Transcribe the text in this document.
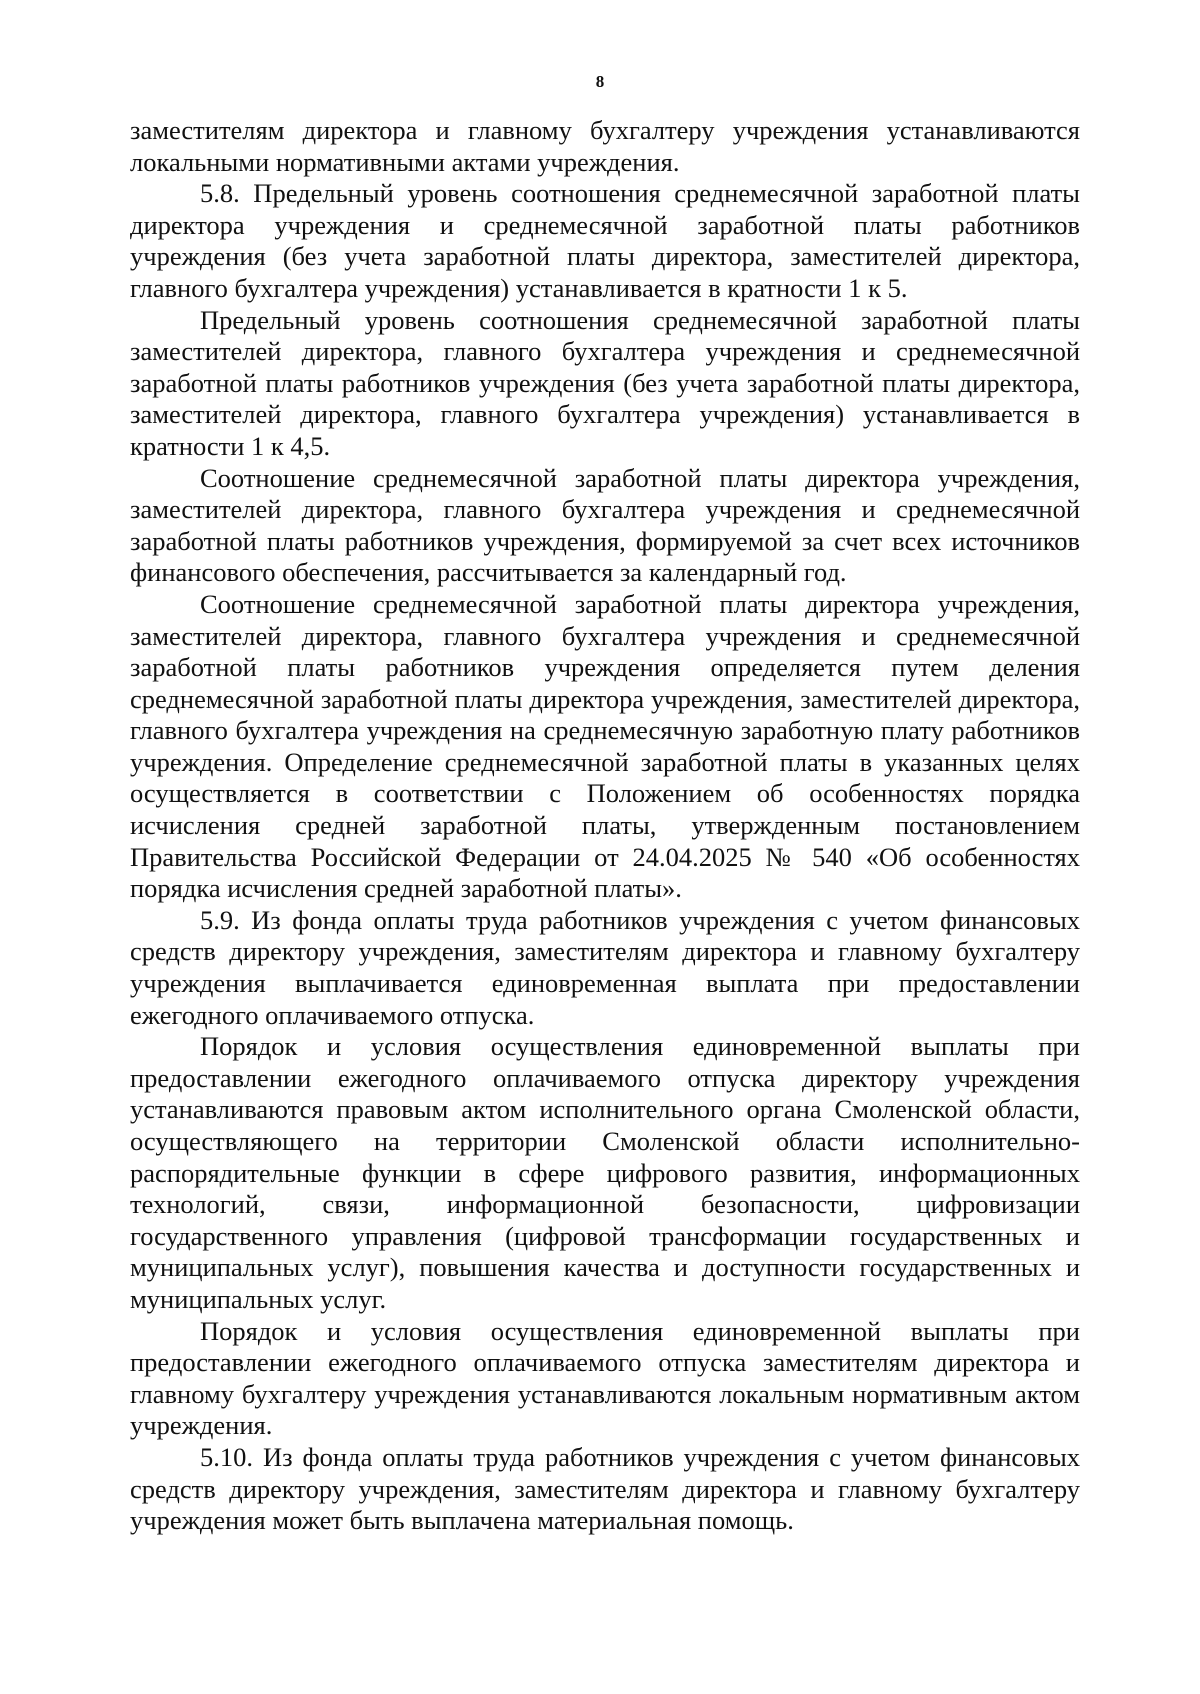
8

заместителям директора и главному бухгалтеру учреждения устанавливаются локальными нормативными актами учреждения.

5.8. Предельный уровень соотношения среднемесячной заработной платы директора учреждения и среднемесячной заработной платы работников учреждения (без учета заработной платы директора, заместителей директора, главного бухгалтера учреждения) устанавливается в кратности 1 к 5.

Предельный уровень соотношения среднемесячной заработной платы заместителей директора, главного бухгалтера учреждения и среднемесячной заработной платы работников учреждения (без учета заработной платы директора, заместителей директора, главного бухгалтера учреждения) устанавливается в кратности 1 к 4,5.

Соотношение среднемесячной заработной платы директора учреждения, заместителей директора, главного бухгалтера учреждения и среднемесячной заработной платы работников учреждения, формируемой за счет всех источников финансового обеспечения, рассчитывается за календарный год.

Соотношение среднемесячной заработной платы директора учреждения, заместителей директора, главного бухгалтера учреждения и среднемесячной заработной платы работников учреждения определяется путем деления среднемесячной заработной платы директора учреждения, заместителей директора, главного бухгалтера учреждения на среднемесячную заработную плату работников учреждения. Определение среднемесячной заработной платы в указанных целях осуществляется в соответствии с Положением об особенностях порядка исчисления средней заработной платы, утвержденным постановлением Правительства Российской Федерации от 24.04.2025 № 540 «Об особенностях порядка исчисления средней заработной платы».

5.9. Из фонда оплаты труда работников учреждения с учетом финансовых средств директору учреждения, заместителям директора и главному бухгалтеру учреждения выплачивается единовременная выплата при предоставлении ежегодного оплачиваемого отпуска.

Порядок и условия осуществления единовременной выплаты при предоставлении ежегодного оплачиваемого отпуска директору учреждения устанавливаются правовым актом исполнительного органа Смоленской области, осуществляющего на территории Смоленской области исполнительно-распорядительные функции в сфере цифрового развития, информационных технологий, связи, информационной безопасности, цифровизации государственного управления (цифровой трансформации государственных и муниципальных услуг), повышения качества и доступности государственных и муниципальных услуг.

Порядок и условия осуществления единовременной выплаты при предоставлении ежегодного оплачиваемого отпуска заместителям директора и главному бухгалтеру учреждения устанавливаются локальным нормативным актом учреждения.

5.10. Из фонда оплаты труда работников учреждения с учетом финансовых средств директору учреждения, заместителям директора и главному бухгалтеру учреждения может быть выплачена материальная помощь.
